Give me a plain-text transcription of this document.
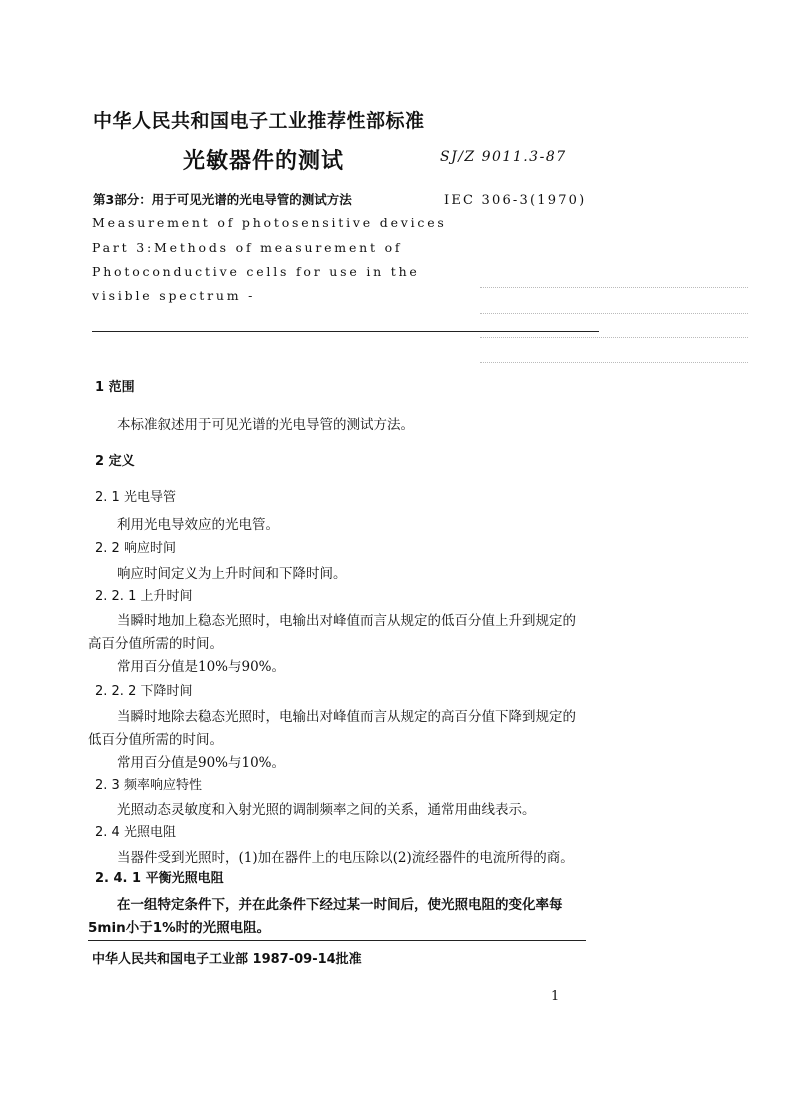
中华人民共和国电子工业推荐性部标准
光敏器件的测试	SJ/Z 9011.3-87
第3部分：用于可见光谱的光电导管的测试方法	IEC 306-3(1970)
Measurement of photosensitive devices
Part 3:Methods of measurement of
Photoconductive cells for use in the
visible spectrum -
1 范围
本标准叙述用于可见光谱的光电导管的测试方法。
2 定义
2. 1 光电导管
利用光电导效应的光电管。
2. 2 响应时间
响应时间定义为上升时间和下降时间。
2. 2. 1 上升时间
当瞬时地加上稳态光照时，电输出对峰值而言从规定的低百分值上升到规定的
高百分值所需的时间。
常用百分值是10%与90%。
2. 2. 2 下降时间
当瞬时地除去稳态光照时，电输出对峰值而言从规定的高百分值下降到规定的
低百分值所需的时间。
常用百分值是90%与10%。
2. 3 频率响应特性
光照动态灵敏度和入射光照的调制频率之间的关系，通常用曲线表示。
2. 4 光照电阻
当器件受到光照时，(1)加在器件上的电压除以(2)流经器件的电流所得的商。
2. 4. 1 平衡光照电阻
在一组特定条件下，并在此条件下经过某一时间后，使光照电阻的变化率每
5min小于1%时的光照电阻。
中华人民共和国电子工业部 1987-09-14批准
1
